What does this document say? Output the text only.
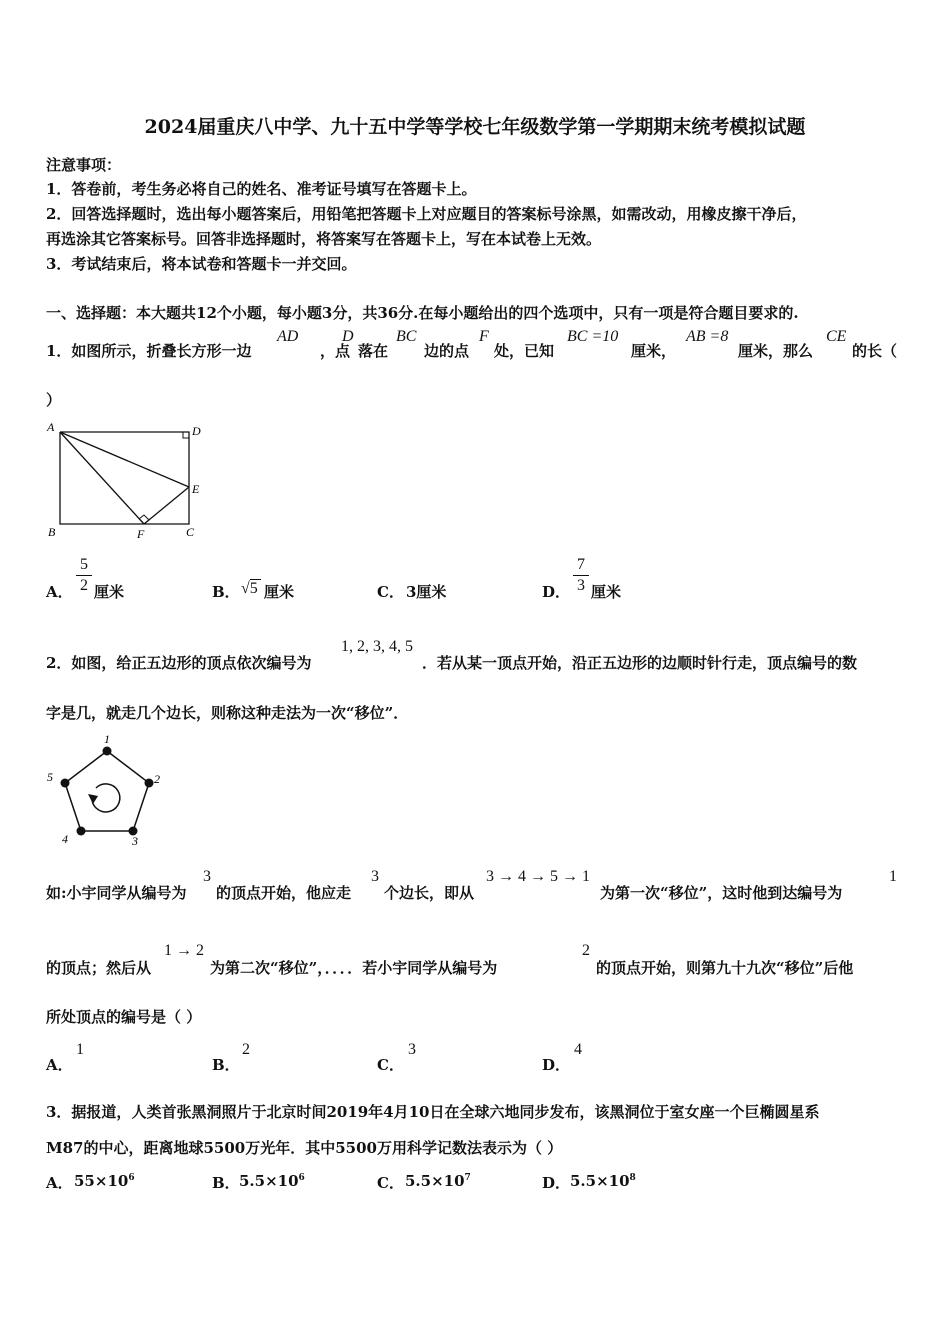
2024届重庆八中学、九十五中学等学校七年级数学第一学期期末统考模拟试题
注意事项：
1．答卷前，考生务必将自己的姓名、准考证号填写在答题卡上。
2．回答选择题时，选出每小题答案后，用铅笔把答题卡上对应题目的答案标号涂黑，如需改动，用橡皮擦干净后，
再选涂其它答案标号。回答非选择题时，将答案写在答题卡上，写在本试卷上无效。
3．考试结束后，将本试卷和答题卡一并交回。
一、选择题：本大题共12个小题，每小题3分，共36分.在每小题给出的四个选项中，只有一项是符合题目要求的.
1．如图所示，折叠长方形一边
AD
，点
D
落在
BC
边的点
F
处，已知
BC =10
厘米，
AB =8
厘米，那么
CE
的长（
）
A	D
E
B	F	C
A．
5
2 厘米	B． √5 厘米	C． 3厘米	D．
7
3 厘米
2．如图，给正五边形的顶点依次编号为
1, 2, 3, 4, 5
．若从某一顶点开始，沿正五边形的边顺时针行走，顶点编号的数
字是几，就走几个边长，则称这种走法为一次“移位”．
1
2
3
4
5
如:小宇同学从编号为
3
的顶点开始，他应走
3
个边长，即从
3 → 4 → 5 → 1
为第一次“移位”，这时他到达编号为
1
的顶点；然后从
1 → 2
为第二次“移位”，．．．．若小宇同学从编号为
2
的顶点开始，则第九十九次“移位”后他
所处顶点的编号是（ ）
A．
1
B．
2
C．
3
D．
4
3．据报道，人类首张黑洞照片于北京时间2019年4月10日在全球六地同步发布，该黑洞位于室女座一个巨椭圆星系
M87的中心，距离地球5500万光年．其中5500万用科学记数法表示为（ ）
A． $55\times 10^6$	B． $5.5\times 10^6$	C． $5.5\times 10^7$	D． $5.5\times 10^8$
